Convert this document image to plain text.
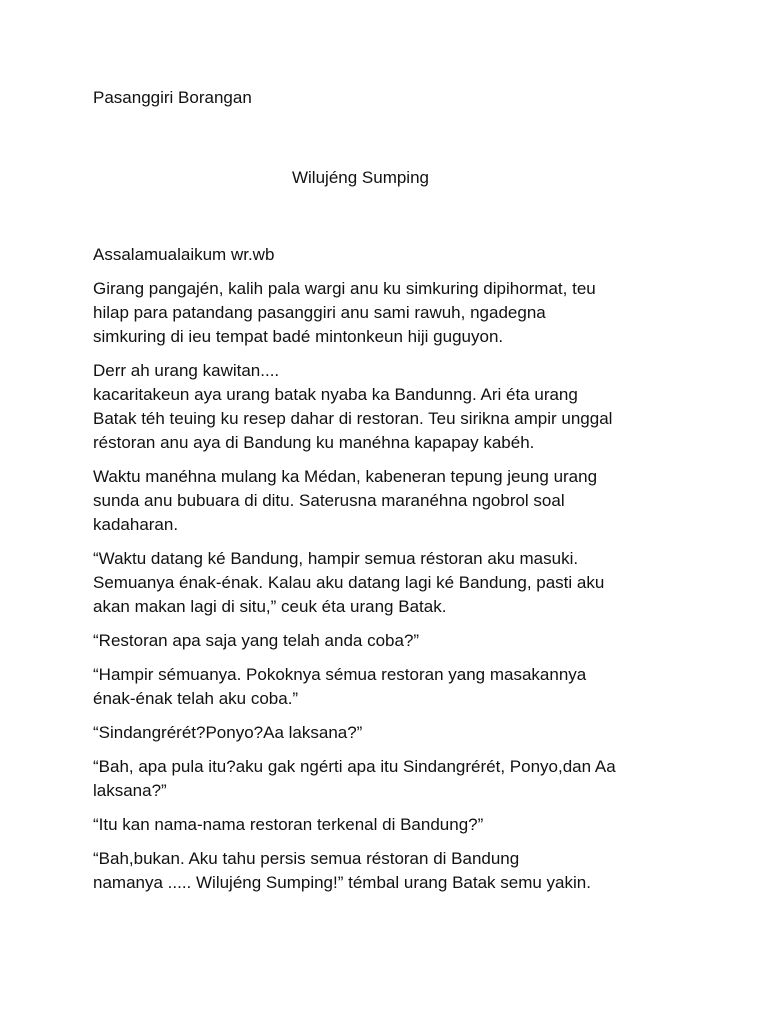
Pasanggiri Borangan
Wilujéng Sumping
Assalamualaikum wr.wb
Girang pangajén, kalih pala wargi anu ku simkuring dipihormat, teu
hilap para patandang pasanggiri anu sami rawuh, ngadegna
simkuring di ieu tempat badé mintonkeun hiji guguyon.
Derr ah urang kawitan....
kacaritakeun aya urang batak nyaba ka Bandunng. Ari éta urang
Batak téh teuing ku resep dahar di restoran. Teu sirikna ampir unggal
réstoran anu aya di Bandung ku manéhna kapapay kabéh.
Waktu manéhna mulang ka Médan, kabeneran tepung jeung urang
sunda anu bubuara di ditu. Saterusna maranéhna ngobrol soal
kadaharan.
“Waktu datang ké Bandung, hampir semua réstoran aku masuki.
Semuanya énak-énak. Kalau aku datang lagi ké Bandung, pasti aku
akan makan lagi di situ,” ceuk éta urang Batak.
“Restoran apa saja yang telah anda coba?”
“Hampir sémuanya. Pokoknya sémua restoran yang masakannya
énak-énak telah aku coba.”
“Sindangrérét?Ponyo?Aa laksana?”
“Bah, apa pula itu?aku gak ngérti apa itu Sindangrérét, Ponyo,dan Aa
laksana?”
“Itu kan nama-nama restoran terkenal di Bandung?”
“Bah,bukan. Aku tahu persis semua réstoran di Bandung
namanya ..... Wilujéng Sumping!” témbal urang Batak semu yakin.
